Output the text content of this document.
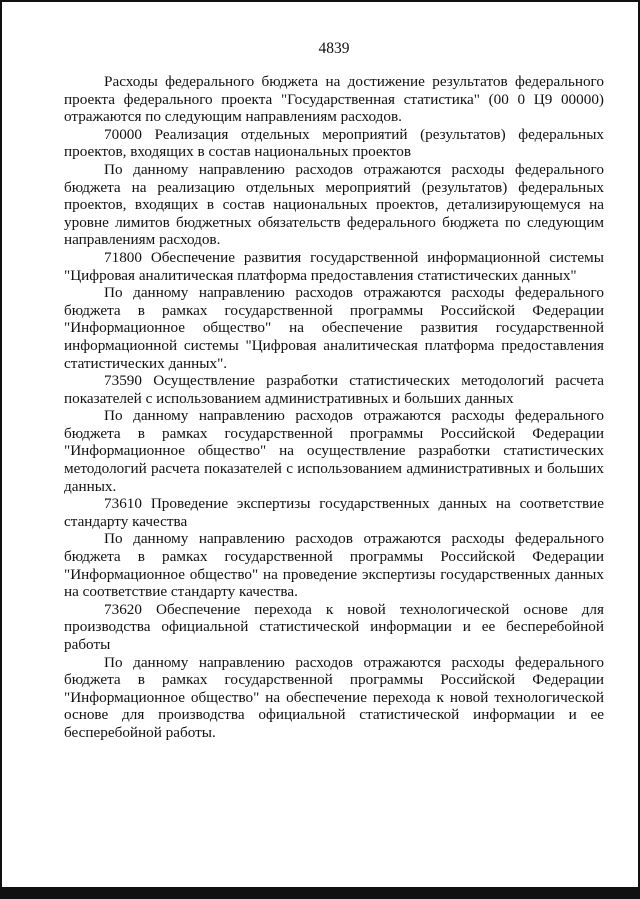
4839

Расходы федерального бюджета на достижение результатов федерального проекта федерального проекта "Государственная статистика" (00 0 Ц9 00000) отражаются по следующим направлениям расходов.

70000 Реализация отдельных мероприятий (результатов) федеральных проектов, входящих в состав национальных проектов

По данному направлению расходов отражаются расходы федерального бюджета на реализацию отдельных мероприятий (результатов) федеральных проектов, входящих в состав национальных проектов, детализирующемуся на уровне лимитов бюджетных обязательств федерального бюджета по следующим направлениям расходов.

71800 Обеспечение развития государственной информационной системы "Цифровая аналитическая платформа предоставления статистических данных"

По данному направлению расходов отражаются расходы федерального бюджета в рамках государственной программы Российской Федерации "Информационное общество" на обеспечение развития государственной информационной системы "Цифровая аналитическая платформа предоставления статистических данных".

73590 Осуществление разработки статистических методологий расчета показателей с использованием административных и больших данных

По данному направлению расходов отражаются расходы федерального бюджета в рамках государственной программы Российской Федерации "Информационное общество" на осуществление разработки статистических методологий расчета показателей с использованием административных и больших данных.

73610 Проведение экспертизы государственных данных на соответствие стандарту качества

По данному направлению расходов отражаются расходы федерального бюджета в рамках государственной программы Российской Федерации "Информационное общество" на проведение экспертизы государственных данных на соответствие стандарту качества.

73620 Обеспечение перехода к новой технологической основе для производства официальной статистической информации и ее бесперебойной работы

По данному направлению расходов отражаются расходы федерального бюджета в рамках государственной программы Российской Федерации "Информационное общество" на обеспечение перехода к новой технологической основе для производства официальной статистической информации и ее бесперебойной работы.
